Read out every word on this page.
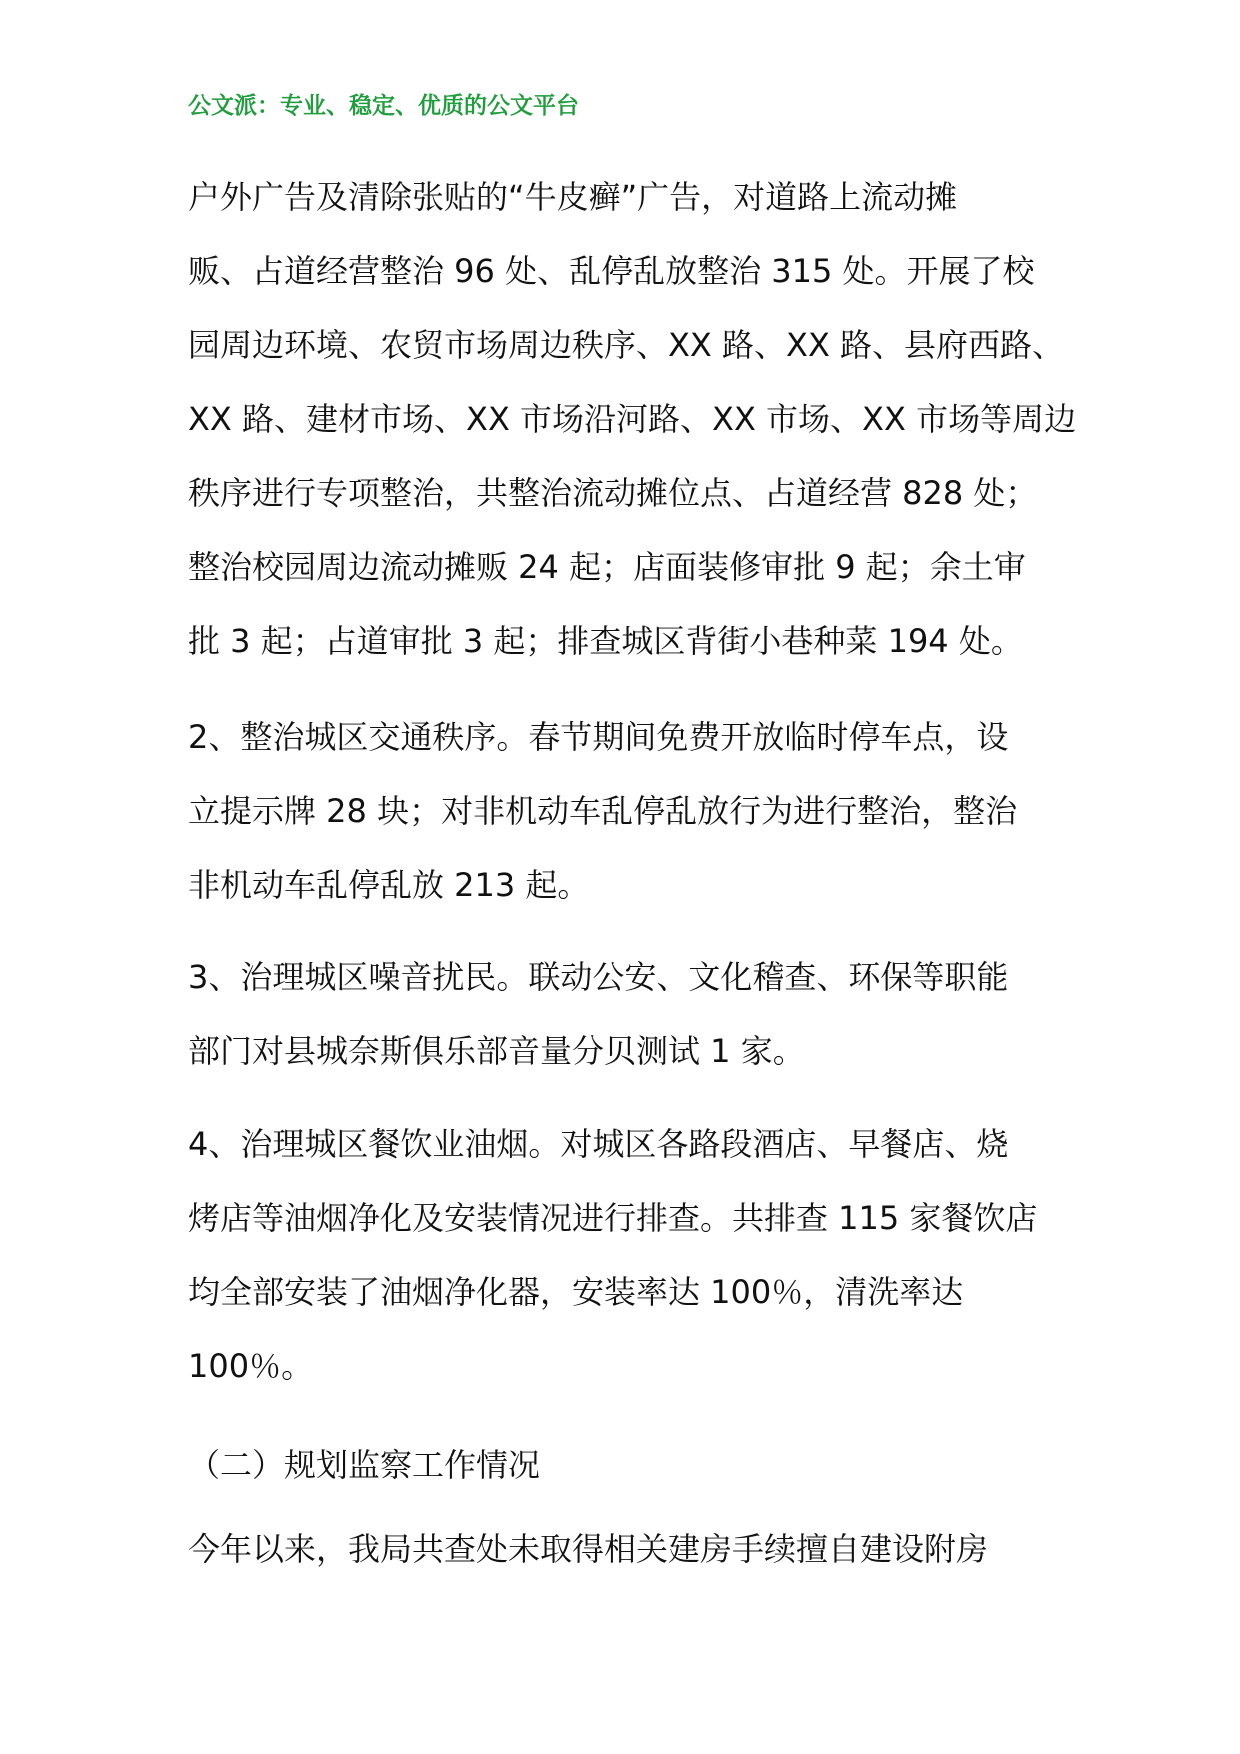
公文派：专业、稳定、优质的公文平台
户外广告及清除张贴的“牛皮癣”广告，对道路上流动摊
贩、占道经营整治 96 处、乱停乱放整治 315 处。开展了校
园周边环境、农贸市场周边秩序、XX 路、XX 路、县府西路、
XX 路、建材市场、XX 市场沿河路、XX 市场、XX 市场等周边
秩序进行专项整治，共整治流动摊位点、占道经营 828 处；
整治校园周边流动摊贩 24 起；店面装修审批 9 起；余土审
批 3 起；占道审批 3 起；排查城区背街小巷种菜 194 处。
2、整治城区交通秩序。春节期间免费开放临时停车点，设
立提示牌 28 块；对非机动车乱停乱放行为进行整治，整治
非机动车乱停乱放 213 起。
3、治理城区噪音扰民。联动公安、文化稽查、环保等职能
部门对县城奈斯俱乐部音量分贝测试 1 家。
4、治理城区餐饮业油烟。对城区各路段酒店、早餐店、烧
烤店等油烟净化及安装情况进行排查。共排查 115 家餐饮店
均全部安装了油烟净化器，安装率达 100％，清洗率达
100％。
（二）规划监察工作情况
今年以来，我局共查处未取得相关建房手续擅自建设附房
